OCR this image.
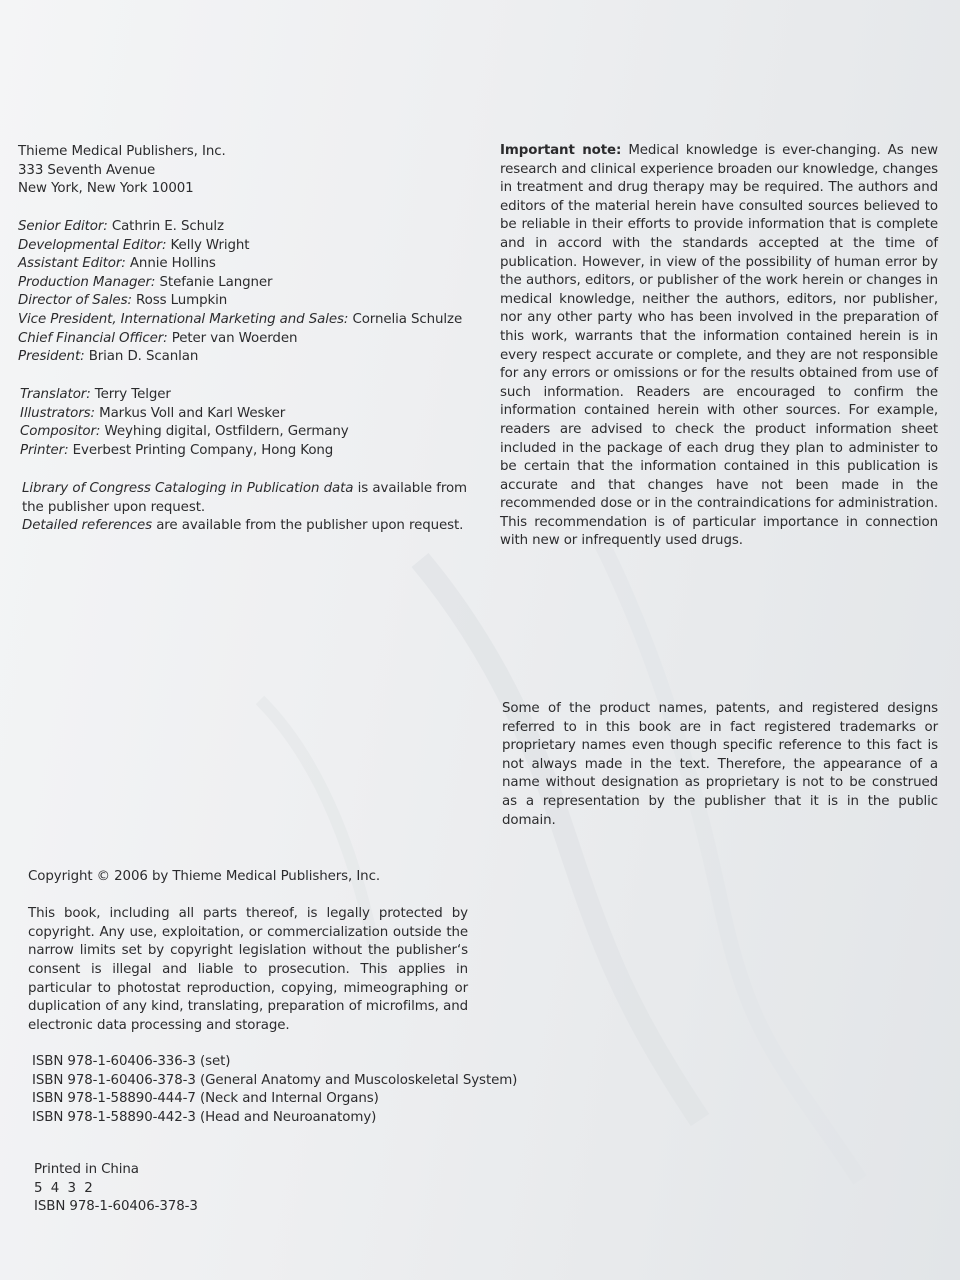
Thieme Medical Publishers, Inc.
333 Seventh Avenue
New York, New York 10001
Senior Editor: Cathrin E. Schulz
Developmental Editor: Kelly Wright
Assistant Editor: Annie Hollins
Production Manager: Stefanie Langner
Director of Sales: Ross Lumpkin
Vice President, International Marketing and Sales: Cornelia Schulze
Chief Financial Officer: Peter van Woerden
President: Brian D. Scanlan
Translator: Terry Telger
Illustrators: Markus Voll and Karl Wesker
Compositor: Weyhing digital, Ostfildern, Germany
Printer: Everbest Printing Company, Hong Kong
Library of Congress Cataloging in Publication data is available from the publisher upon request.
Detailed references are available from the publisher upon request.
Copyright © 2006 by Thieme Medical Publishers, Inc.
This book, including all parts thereof, is legally protected by copyright. Any use, exploitation, or commercialization outside the narrow limits set by copyright legislation without the publisher‘s consent is illegal and liable to prosecution. This applies in particular to photostat reproduction, copying, mimeographing or duplication of any kind, translating, preparation of microfilms, and electronic data processing and storage.
ISBN 978-1-60406-336-3 (set)
ISBN 978-1-60406-378-3 (General Anatomy and Muscoloskeletal System)
ISBN 978-1-58890-444-7 (Neck and Internal Organs)
ISBN 978-1-58890-442-3 (Head and Neuroanatomy)
Printed in China
5  4  3  2
ISBN 978-1-60406-378-3
Important note: Medical knowledge is ever-changing. As new research and clinical experience broaden our knowledge, changes in treatment and drug therapy may be required. The authors and editors of the material herein have consulted sources believed to be reliable in their efforts to provide information that is complete and in accord with the standards accepted at the time of publication. However, in view of the possibility of human error by the authors, editors, or publisher of the work herein or changes in medical knowledge, neither the authors, editors, nor publisher, nor any other party who has been involved in the preparation of this work, warrants that the information contained herein is in every respect accurate or complete, and they are not responsible for any errors or omissions or for the results obtained from use of such information. Readers are encouraged to confirm the information contained herein with other sources. For example, readers are advised to check the product information sheet included in the package of each drug they plan to administer to be certain that the information contained in this publication is accurate and that changes have not been made in the recommended dose or in the contraindications for administration. This recommendation is of particular importance in connection with new or infrequently used drugs.
Some of the product names, patents, and registered designs referred to in this book are in fact registered trademarks or proprietary names even though specific reference to this fact is not always made in the text. Therefore, the appearance of a name without designation as proprietary is not to be construed as a representation by the publisher that it is in the public domain.
